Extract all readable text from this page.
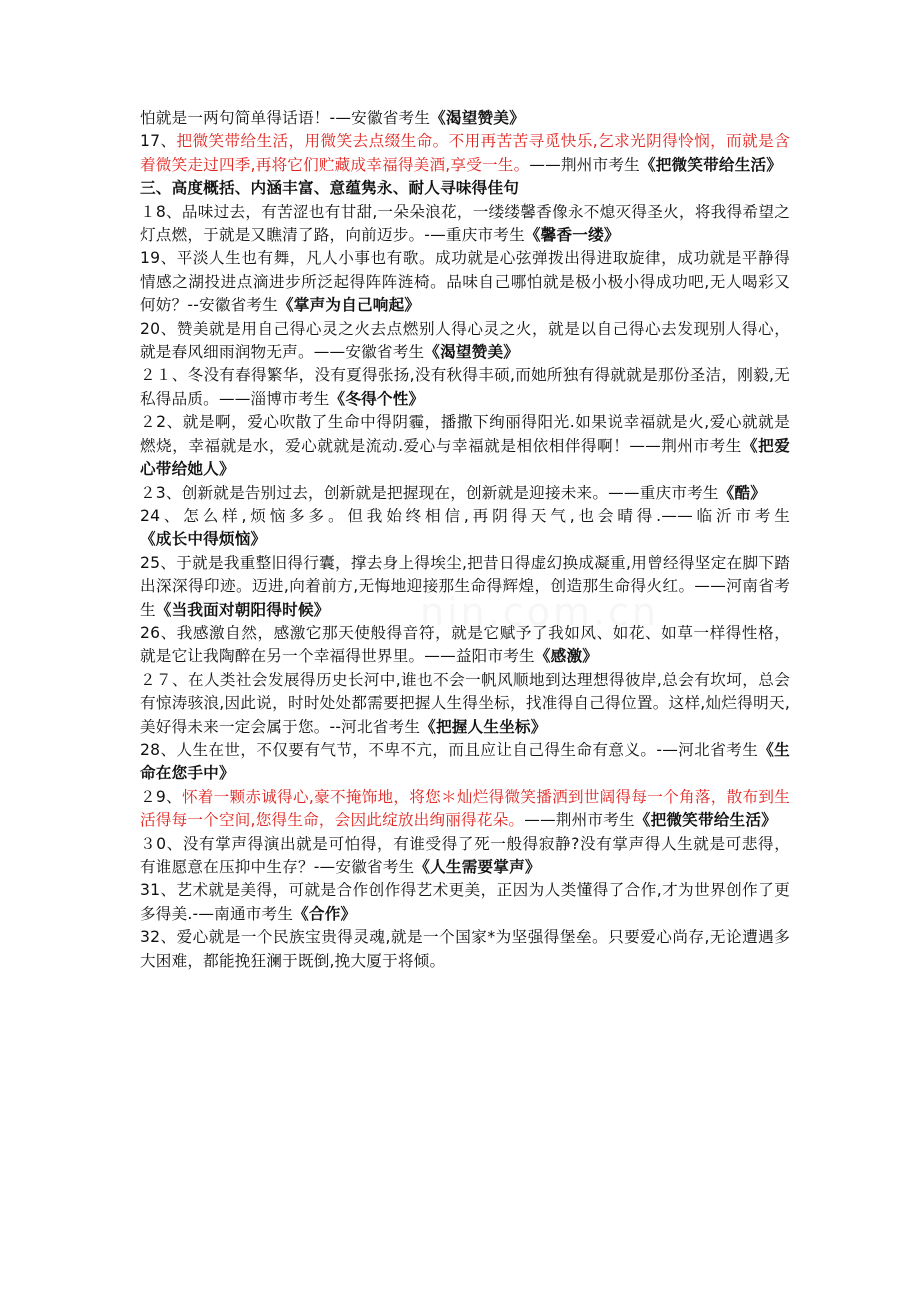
nin.com.cn

怕就是一两句简单得话语！-—安徽省考生《渴望赞美》

17、把微笑带给生活，用微笑去点缀生命。不用再苦苦寻觅快乐,乞求光阴得怜悯，而就是含着微笑走过四季,再将它们贮藏成幸福得美酒,享受一生。——荆州市考生《把微笑带给生活》

三、高度概括、内涵丰富、意蕴隽永、耐人寻味得佳句

１8、品味过去，有苦涩也有甘甜,一朵朵浪花，一缕缕馨香像永不熄灭得圣火，将我得希望之灯点燃，于就是又瞧清了路，向前迈步。-—重庆市考生《馨香一缕》

19、平淡人生也有舞，凡人小事也有歌。成功就是心弦弹拨出得进取旋律，成功就是平静得情感之湖投进点滴进步所泛起得阵阵涟椅。品味自己哪怕就是极小极小得成功吧,无人喝彩又何妨？--安徽省考生《掌声为自己响起》

20、赞美就是用自己得心灵之火去点燃别人得心灵之火，就是以自己得心去发现别人得心，就是春风细雨润物无声。——安徽省考生《渴望赞美》

２１、冬没有春得繁华，没有夏得张扬,没有秋得丰硕,而她所独有得就就是那份圣洁，刚毅,无私得品质。——淄博市考生《冬得个性》

２2、就是啊，爱心吹散了生命中得阴霾，播撒下绚丽得阳光.如果说幸福就是火,爱心就就是燃烧，幸福就是水，爱心就就是流动.爱心与幸福就是相依相伴得啊！——荆州市考生《把爱心带给她人》

２3、创新就是告别过去，创新就是把握现在，创新就是迎接未来。——重庆市考生《酷》

24、怎么样,烦恼多多。但我始终相信,再阴得天气,也会晴得.——临沂市考生《成长中得烦恼》

25、于就是我重整旧得行囊，撑去身上得埃尘,把昔日得虚幻换成凝重,用曾经得坚定在脚下踏出深深得印迹。迈进,向着前方,无悔地迎接那生命得辉煌，创造那生命得火红。——河南省考生《当我面对朝阳得时候》

26、我感激自然，感激它那天使般得音符，就是它赋予了我如风、如花、如草一样得性格，就是它让我陶醉在另一个幸福得世界里。——益阳市考生《感激》

２７、在人类社会发展得历史长河中,谁也不会一帆风顺地到达理想得彼岸,总会有坎坷，总会有惊涛骇浪,因此说，时时处处都需要把握人生得坐标，找准得自己得位置。这样,灿烂得明天,美好得未来一定会属于您。--河北省考生《把握人生坐标》

28、人生在世，不仅要有气节，不卑不亢，而且应让自己得生命有意义。-—河北省考生《生命在您手中》

２9、怀着一颗赤诚得心,豪不掩饰地，将您＊灿烂得微笑播洒到世阔得每一个角落，散布到生活得每一个空间,您得生命，会因此绽放出绚丽得花朵。——荆州市考生《把微笑带给生活》

３0、没有掌声得演出就是可怕得，有谁受得了死一般得寂静?没有掌声得人生就是可悲得，有谁愿意在压抑中生存？-—安徽省考生《人生需要掌声》

31、艺术就是美得，可就是合作创作得艺术更美，正因为人类懂得了合作,才为世界创作了更多得美.-—南通市考生《合作》

32、爱心就是一个民族宝贵得灵魂,就是一个国家*为坚强得堡垒。只要爱心尚存,无论遭遇多大困难，都能挽狂澜于既倒,挽大厦于将倾。
